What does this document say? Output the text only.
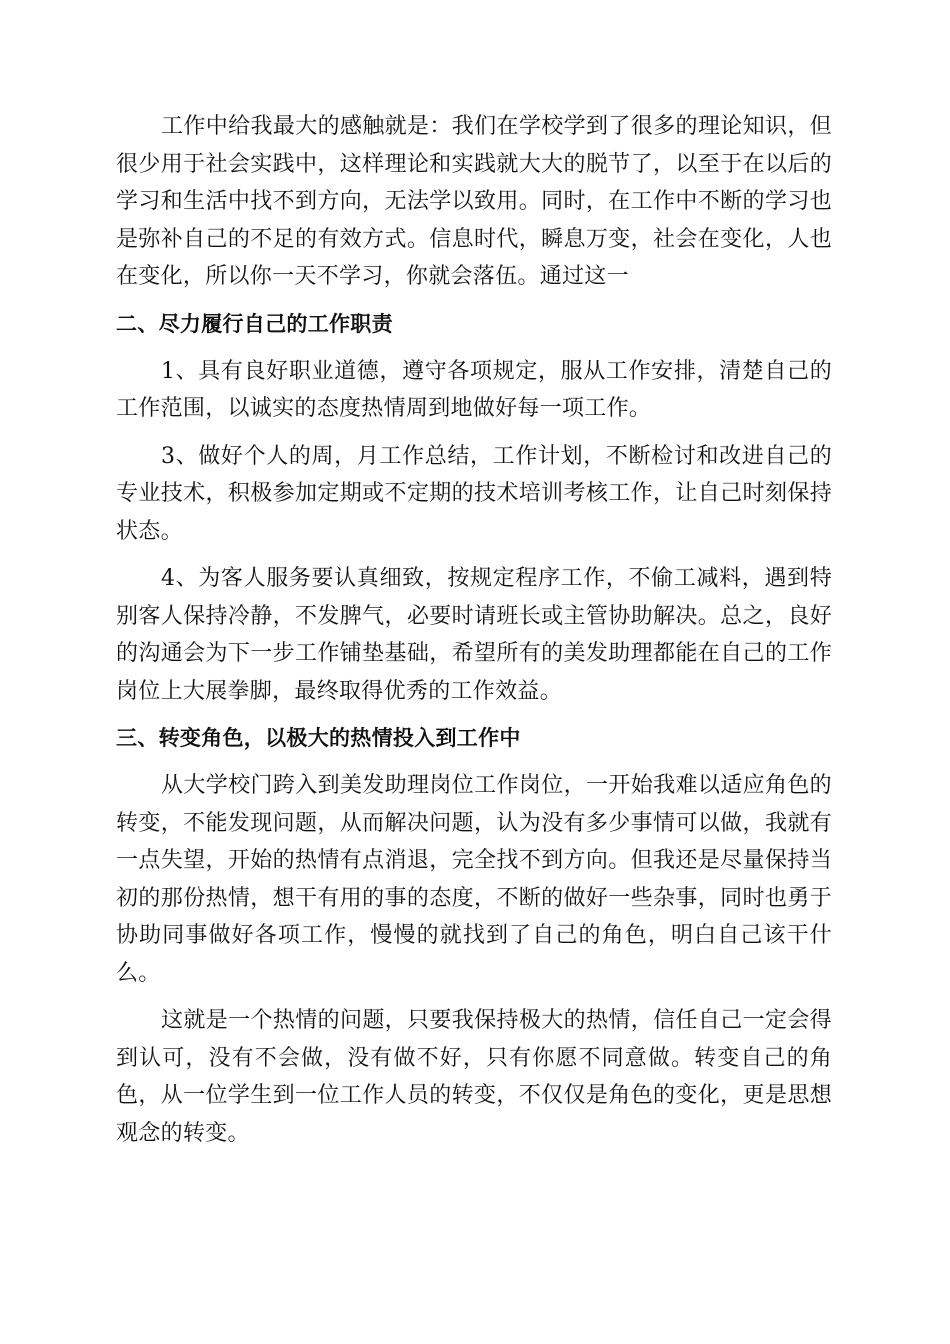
工作中给我最大的感触就是：我们在学校学到了很多的理论知识，但很少用于社会实践中，这样理论和实践就大大的脱节了，以至于在以后的学习和生活中找不到方向，无法学以致用。同时，在工作中不断的学习也是弥补自己的不足的有效方式。信息时代，瞬息万变，社会在变化，人也在变化，所以你一天不学习，你就会落伍。通过这一

二、尽力履行自己的工作职责

1、具有良好职业道德，遵守各项规定，服从工作安排，清楚自己的工作范围，以诚实的态度热情周到地做好每一项工作。

3、做好个人的周，月工作总结，工作计划，不断检讨和改进自己的专业技术，积极参加定期或不定期的技术培训考核工作，让自己时刻保持状态。

4、为客人服务要认真细致，按规定程序工作，不偷工减料，遇到特别客人保持冷静，不发脾气，必要时请班长或主管协助解决。总之，良好的沟通会为下一步工作铺垫基础，希望所有的美发助理都能在自己的工作岗位上大展拳脚，最终取得优秀的工作效益。

三、转变角色，以极大的热情投入到工作中

从大学校门跨入到美发助理岗位工作岗位，一开始我难以适应角色的转变，不能发现问题，从而解决问题，认为没有多少事情可以做，我就有一点失望，开始的热情有点消退，完全找不到方向。但我还是尽量保持当初的那份热情，想干有用的事的态度，不断的做好一些杂事，同时也勇于协助同事做好各项工作，慢慢的就找到了自己的角色，明白自己该干什么。

这就是一个热情的问题，只要我保持极大的热情，信任自己一定会得到认可，没有不会做，没有做不好，只有你愿不同意做。转变自己的角色，从一位学生到一位工作人员的转变，不仅仅是角色的变化，更是思想观念的转变。
